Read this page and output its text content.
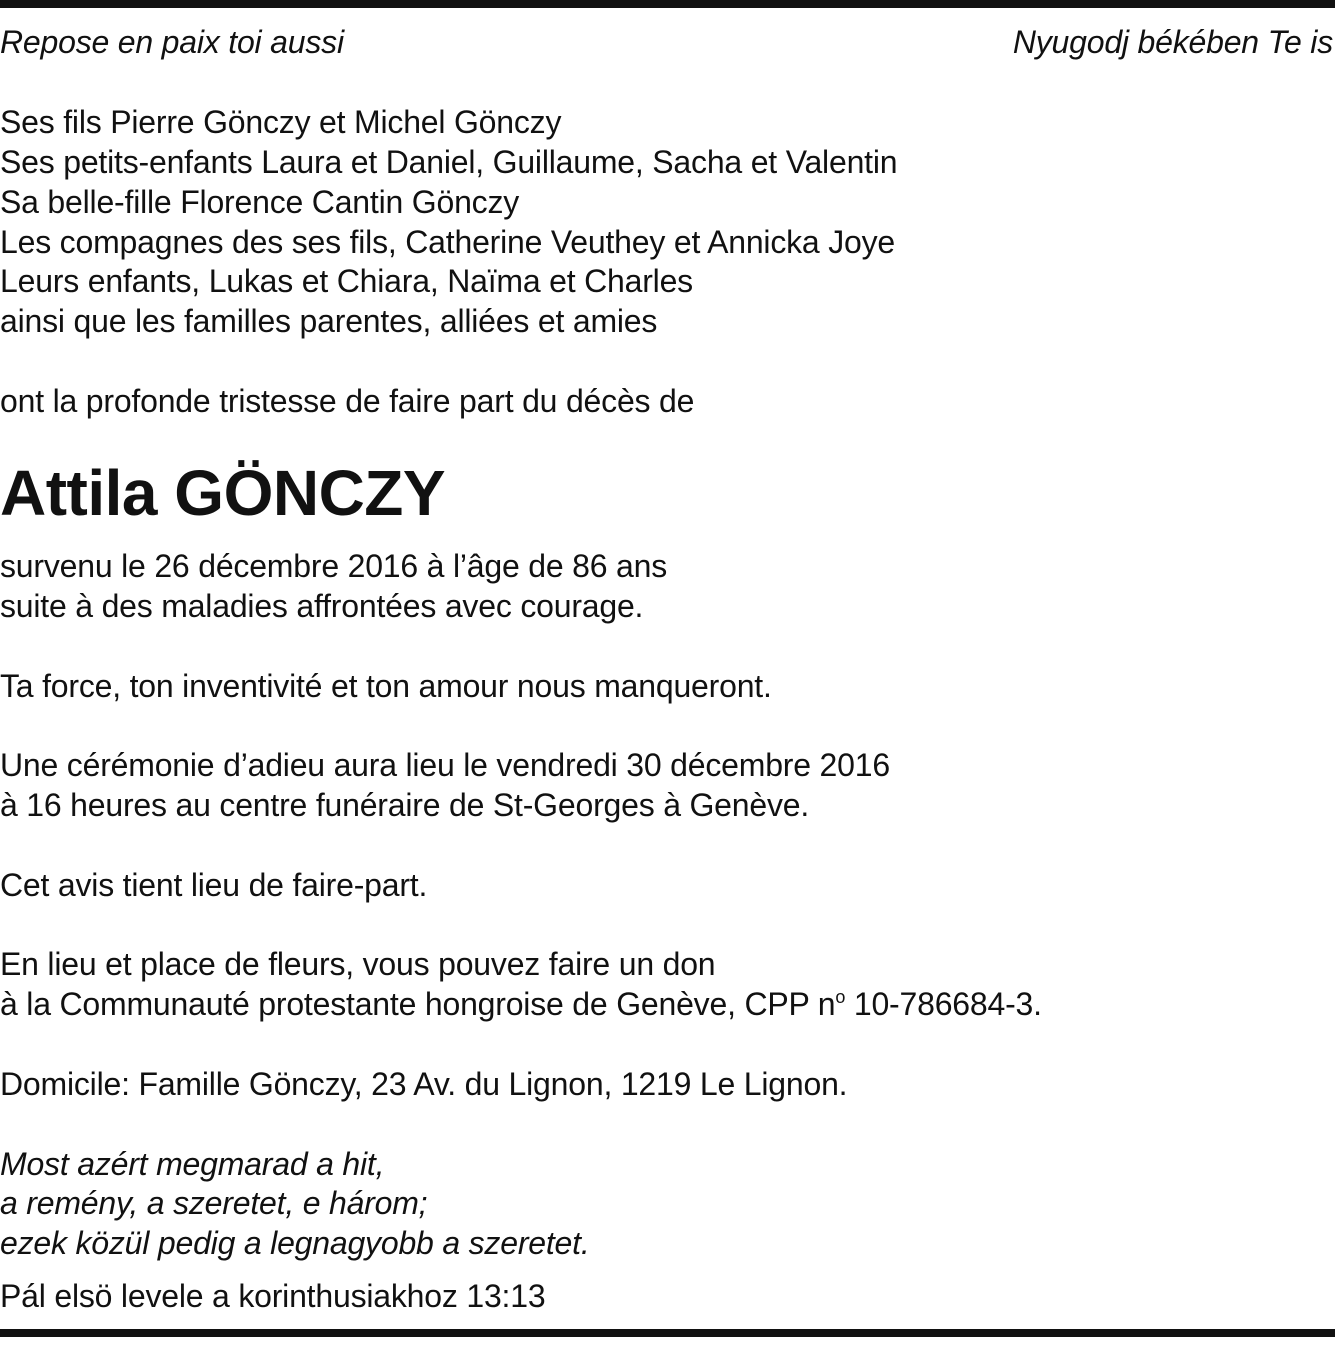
Repose en paix toi aussi	Nyugodj békében Te is
Ses fils Pierre Gönczy et Michel Gönczy
Ses petits-enfants Laura et Daniel, Guillaume, Sacha et Valentin
Sa belle-fille Florence Cantin Gönczy
Les compagnes des ses fils, Catherine Veuthey et Annicka Joye
Leurs enfants, Lukas et Chiara, Naïma et Charles
ainsi que les familles parentes, alliées et amies
ont la profonde tristesse de faire part du décès de
Attila GÖNCZY
survenu le 26 décembre 2016 à l’âge de 86 ans
suite à des maladies affrontées avec courage.
Ta force, ton inventivité et ton amour nous manqueront.
Une cérémonie d’adieu aura lieu le vendredi 30 décembre 2016
à 16 heures au centre funéraire de St-Georges à Genève.
Cet avis tient lieu de faire-part.
En lieu et place de fleurs, vous pouvez faire un don
à la Communauté protestante hongroise de Genève, CPP $n^o$ 10-786684-3.
Domicile: Famille Gönczy, 23 Av. du Lignon, 1219 Le Lignon.
Most azért megmarad a hit,
a remény, a szeretet, e három;
ezek közül pedig a legnagyobb a szeretet.
Pál elsö levele a korinthusiakhoz 13:13
